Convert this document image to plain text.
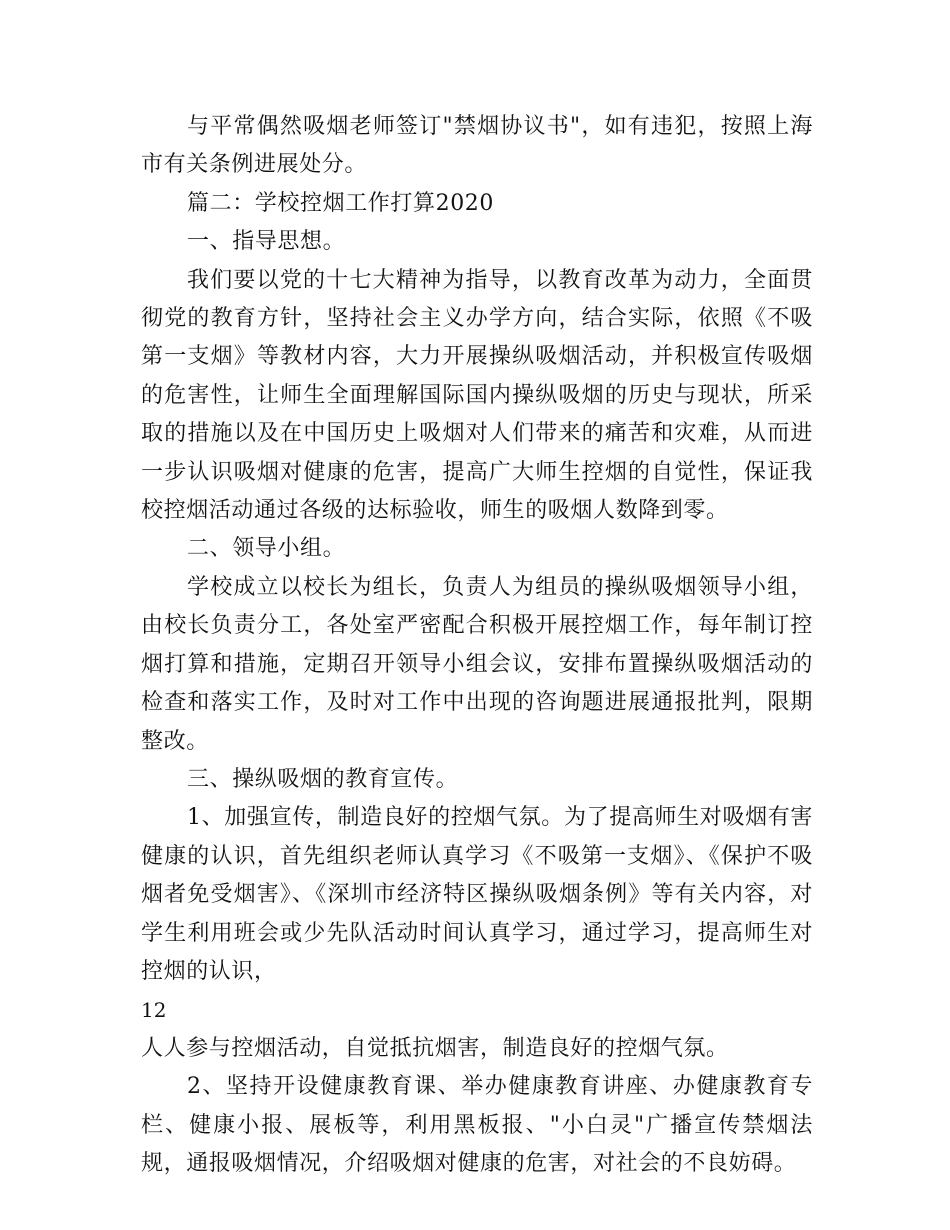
与平常偶然吸烟老师签订"禁烟协议书"，如有违犯，按照上海市有关条例进展处分。

篇二：学校控烟工作打算2020

一、指导思想。

我们要以党的十七大精神为指导，以教育改革为动力，全面贯彻党的教育方针，坚持社会主义办学方向，结合实际，依照《不吸第一支烟》等教材内容，大力开展操纵吸烟活动，并积极宣传吸烟的危害性，让师生全面理解国际国内操纵吸烟的历史与现状，所采取的措施以及在中国历史上吸烟对人们带来的痛苦和灾难，从而进一步认识吸烟对健康的危害，提高广大师生控烟的自觉性，保证我校控烟活动通过各级的达标验收，师生的吸烟人数降到零。

二、领导小组。

学校成立以校长为组长，负责人为组员的操纵吸烟领导小组，由校长负责分工，各处室严密配合积极开展控烟工作，每年制订控烟打算和措施，定期召开领导小组会议，安排布置操纵吸烟活动的检查和落实工作，及时对工作中出现的咨询题进展通报批判，限期整改。

三、操纵吸烟的教育宣传。

1、加强宣传，制造良好的控烟气氛。为了提高师生对吸烟有害健康的认识，首先组织老师认真学习《不吸第一支烟》、《保护不吸烟者免受烟害》、《深圳市经济特区操纵吸烟条例》等有关内容，对学生利用班会或少先队活动时间认真学习，通过学习，提高师生对控烟的认识，

12

人人参与控烟活动，自觉抵抗烟害，制造良好的控烟气氛。

2、坚持开设健康教育课、举办健康教育讲座、办健康教育专栏、健康小报、展板等，利用黑板报、"小白灵"广播宣传禁烟法规，通报吸烟情况，介绍吸烟对健康的危害，对社会的不良妨碍。
